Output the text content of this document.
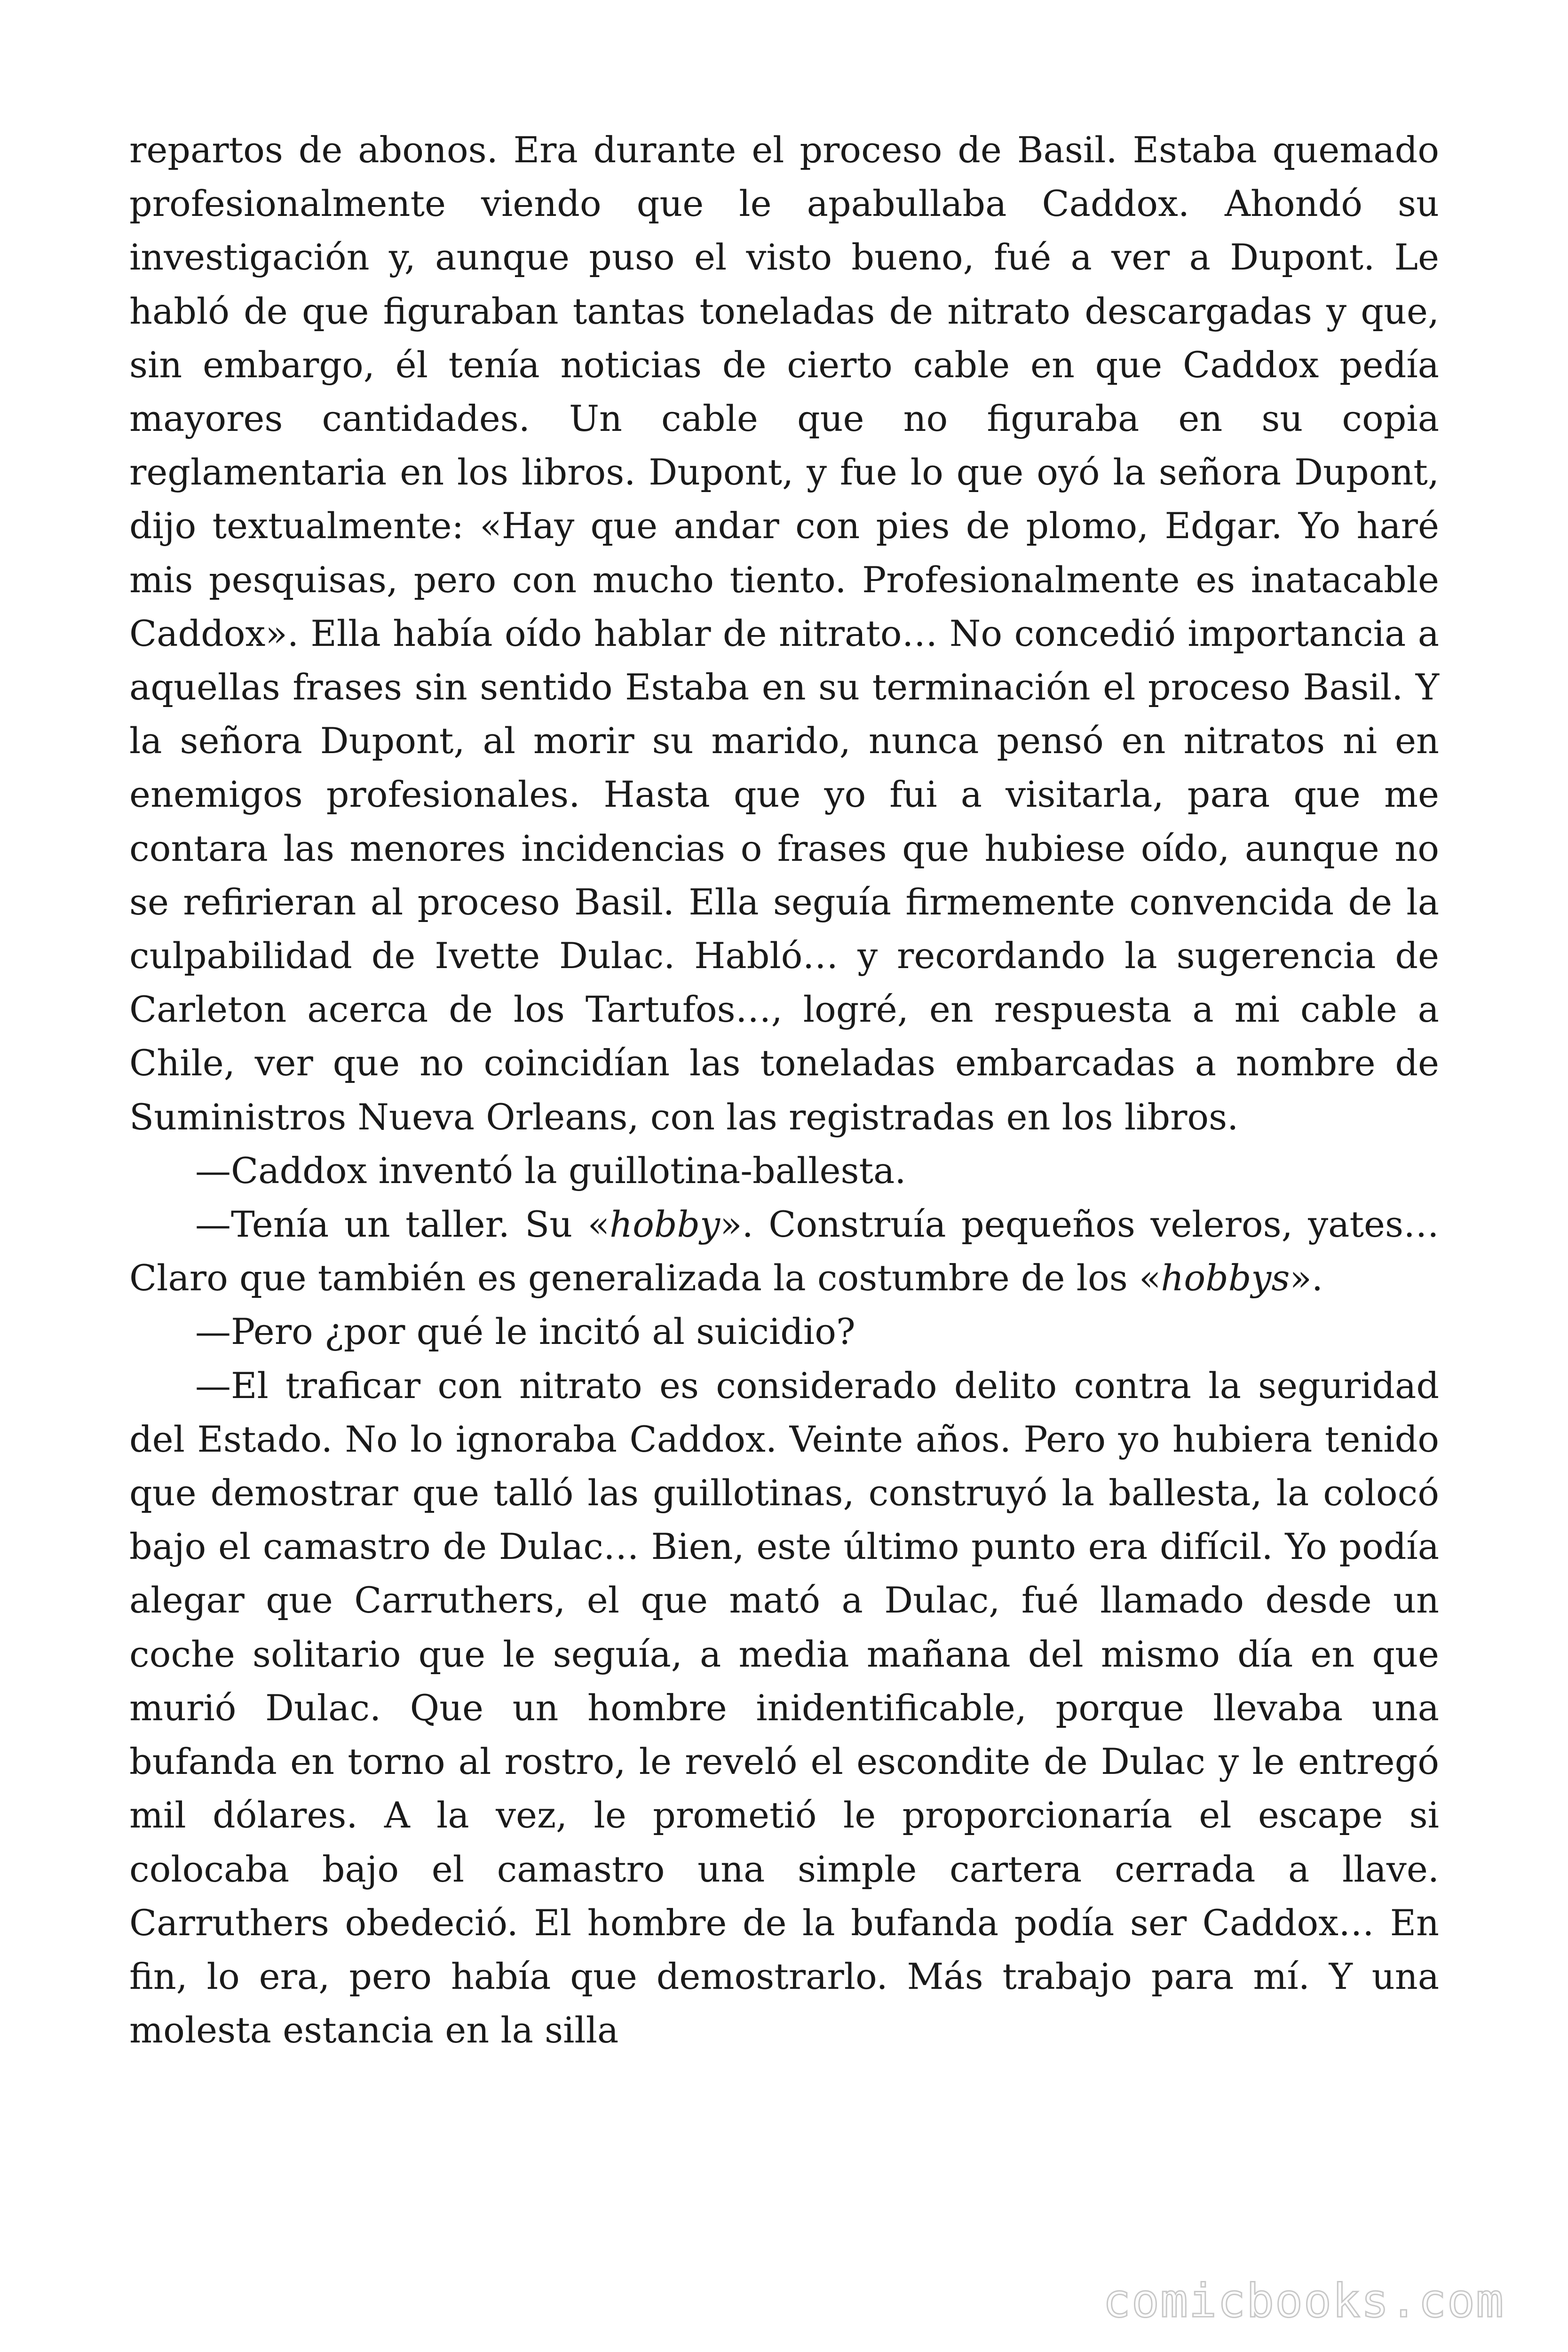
repartos de abonos. Era durante el proceso de Basil. Estaba quemado profesionalmente viendo que le apabullaba Caddox. Ahondó su investigación y, aunque puso el visto bueno, fué a ver a Dupont. Le habló de que figuraban tantas toneladas de nitrato descargadas y que, sin embargo, él tenía noticias de cierto cable en que Caddox pedía mayores cantidades. Un cable que no figuraba en su copia reglamentaria en los libros. Dupont, y fue lo que oyó la señora Dupont, dijo textualmente: «Hay que andar con pies de plomo, Edgar. Yo haré mis pesquisas, pero con mucho tiento. Profesionalmente es inatacable Caddox». Ella había oído hablar de nitrato… No concedió importancia a aquellas frases sin sentido Estaba en su terminación el proceso Basil. Y la señora Dupont, al morir su marido, nunca pensó en nitratos ni en enemigos profesionales. Hasta que yo fui a visitarla, para que me contara las menores incidencias o frases que hubiese oído, aunque no se refirieran al proceso Basil. Ella seguía firmemente convencida de la culpabilidad de Ivette Dulac. Habló… y recordando la sugerencia de Carleton acerca de los Tartufos…, logré, en respuesta a mi cable a Chile, ver que no coincidían las toneladas embarcadas a nombre de Suministros Nueva Orleans, con las registradas en los libros.

—Caddox inventó la guillotina-ballesta.

—Tenía un taller. Su «hobby». Construía pequeños veleros, yates… Claro que también es generalizada la costumbre de los «hobbys».

—Pero ¿por qué le incitó al suicidio?

—El traficar con nitrato es considerado delito contra la seguridad del Estado. No lo ignoraba Caddox. Veinte años. Pero yo hubiera tenido que demostrar que talló las guillotinas, construyó la ballesta, la colocó bajo el camastro de Dulac… Bien, este último punto era difícil. Yo podía alegar que Carruthers, el que mató a Dulac, fué llamado desde un coche solitario que le seguía, a media mañana del mismo día en que murió Dulac. Que un hombre inidentificable, porque llevaba una bufanda en torno al rostro, le reveló el escondite de Dulac y le entregó mil dólares. A la vez, le prometió le proporcionaría el escape si colocaba bajo el camastro una simple cartera cerrada a llave. Carruthers obedeció. El hombre de la bufanda podía ser Caddox… En fin, lo era, pero había que demostrarlo. Más trabajo para mí. Y una molesta estancia en la silla

comicbooks.com
